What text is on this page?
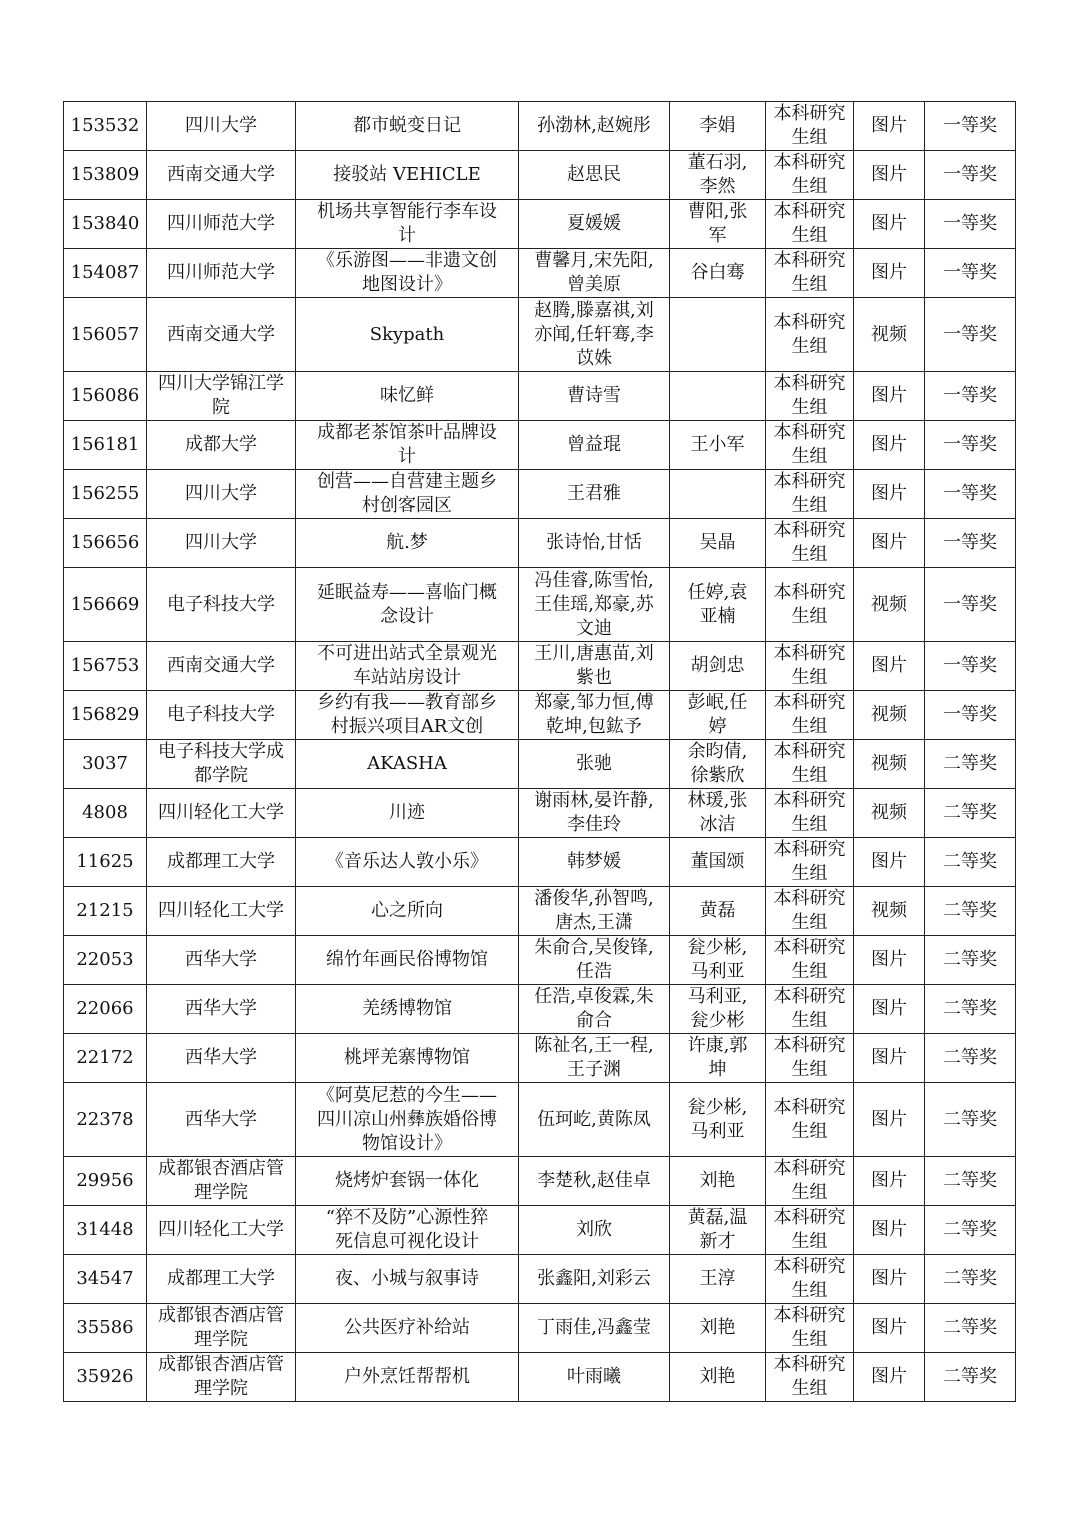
153532	四川大学	都市蜕变日记	孙渤林,赵婉彤	李娟	本科研究
生组	图片	一等奖
153809	西南交通大学	接驳站 VEHICLE	赵思民	董石羽,
李然	本科研究
生组	图片	一等奖
153840	四川师范大学	机场共享智能行李车设
计	夏媛媛	曹阳,张
军	本科研究
生组	图片	一等奖
154087	四川师范大学	《乐游图——非遗文创
地图设计》	曹馨月,宋先阳,
曾美原	谷白骞	本科研究
生组	图片	一等奖
156057	西南交通大学	Skypath	赵腾,滕嘉祺,刘
亦闻,任轩骞,李
苡姝		本科研究
生组	视频	一等奖
156086	四川大学锦江学
院	味忆鲜	曹诗雪		本科研究
生组	图片	一等奖
156181	成都大学	成都老茶馆茶叶品牌设
计	曾益琨	王小军	本科研究
生组	图片	一等奖
156255	四川大学	创营——自营建主题乡
村创客园区	王君雅		本科研究
生组	图片	一等奖
156656	四川大学	航.梦	张诗怡,甘恬	吴晶	本科研究
生组	图片	一等奖
156669	电子科技大学	延眠益寿——喜临门概
念设计	冯佳睿,陈雪怡,
王佳瑶,郑豪,苏
文迪	任婷,袁
亚楠	本科研究
生组	视频	一等奖
156753	西南交通大学	不可进出站式全景观光
车站站房设计	王川,唐惠苗,刘
紫也	胡剑忠	本科研究
生组	图片	一等奖
156829	电子科技大学	乡约有我——教育部乡
村振兴项目AR文创	郑豪,邹力恒,傅
乾坤,包鈜予	彭岷,任
婷	本科研究
生组	视频	一等奖
3037	电子科技大学成
都学院	AKASHA	张驰	余昀倩,
徐紫欣	本科研究
生组	视频	二等奖
4808	四川轻化工大学	川迹	谢雨林,晏许静,
李佳玲	林瑗,张
冰洁	本科研究
生组	视频	二等奖
11625	成都理工大学	《音乐达人敦小乐》	韩梦媛	董国颂	本科研究
生组	图片	二等奖
21215	四川轻化工大学	心之所向	潘俊华,孙智鸣,
唐杰,王潇	黄磊	本科研究
生组	视频	二等奖
22053	西华大学	绵竹年画民俗博物馆	朱俞合,吴俊锋,
任浩	瓮少彬,
马利亚	本科研究
生组	图片	二等奖
22066	西华大学	羌绣博物馆	任浩,卓俊霖,朱
俞合	马利亚,
瓮少彬	本科研究
生组	图片	二等奖
22172	西华大学	桃坪羌寨博物馆	陈祉名,王一程,
王子渊	许康,郭
坤	本科研究
生组	图片	二等奖
22378	西华大学	《阿莫尼惹的今生——
四川凉山州彝族婚俗博
物馆设计》	伍珂屹,黄陈凤	瓮少彬,
马利亚	本科研究
生组	图片	二等奖
29956	成都银杏酒店管
理学院	烧烤炉套锅一体化	李楚秋,赵佳卓	刘艳	本科研究
生组	图片	二等奖
31448	四川轻化工大学	“猝不及防”心源性猝
死信息可视化设计	刘欣	黄磊,温
新才	本科研究
生组	图片	二等奖
34547	成都理工大学	夜、小城与叙事诗	张鑫阳,刘彩云	王淳	本科研究
生组	图片	二等奖
35586	成都银杏酒店管
理学院	公共医疗补给站	丁雨佳,冯鑫莹	刘艳	本科研究
生组	图片	二等奖
35926	成都银杏酒店管
理学院	户外烹饪帮帮机	叶雨曦	刘艳	本科研究
生组	图片	二等奖
